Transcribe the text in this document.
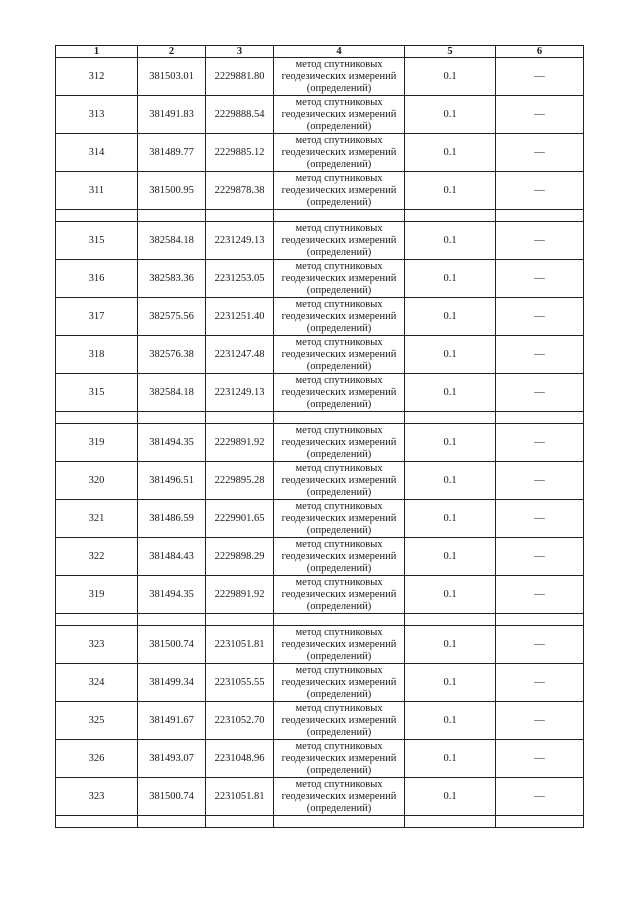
1	2	3	4	5	6
312	381503.01	2229881.80	метод спутниковых геодезических измерений (определений)	0.1	—
313	381491.83	2229888.54	метод спутниковых геодезических измерений (определений)	0.1	—
314	381489.77	2229885.12	метод спутниковых геодезических измерений (определений)	0.1	—
311	381500.95	2229878.38	метод спутниковых геодезических измерений (определений)	0.1	—

315	382584.18	2231249.13	метод спутниковых геодезических измерений (определений)	0.1	—
316	382583.36	2231253.05	метод спутниковых геодезических измерений (определений)	0.1	—
317	382575.56	2231251.40	метод спутниковых геодезических измерений (определений)	0.1	—
318	382576.38	2231247.48	метод спутниковых геодезических измерений (определений)	0.1	—
315	382584.18	2231249.13	метод спутниковых геодезических измерений (определений)	0.1	—

319	381494.35	2229891.92	метод спутниковых геодезических измерений (определений)	0.1	—
320	381496.51	2229895.28	метод спутниковых геодезических измерений (определений)	0.1	—
321	381486.59	2229901.65	метод спутниковых геодезических измерений (определений)	0.1	—
322	381484.43	2229898.29	метод спутниковых геодезических измерений (определений)	0.1	—
319	381494.35	2229891.92	метод спутниковых геодезических измерений (определений)	0.1	—

323	381500.74	2231051.81	метод спутниковых геодезических измерений (определений)	0.1	—
324	381499.34	2231055.55	метод спутниковых геодезических измерений (определений)	0.1	—
325	381491.67	2231052.70	метод спутниковых геодезических измерений (определений)	0.1	—
326	381493.07	2231048.96	метод спутниковых геодезических измерений (определений)	0.1	—
323	381500.74	2231051.81	метод спутниковых геодезических измерений (определений)	0.1	—
